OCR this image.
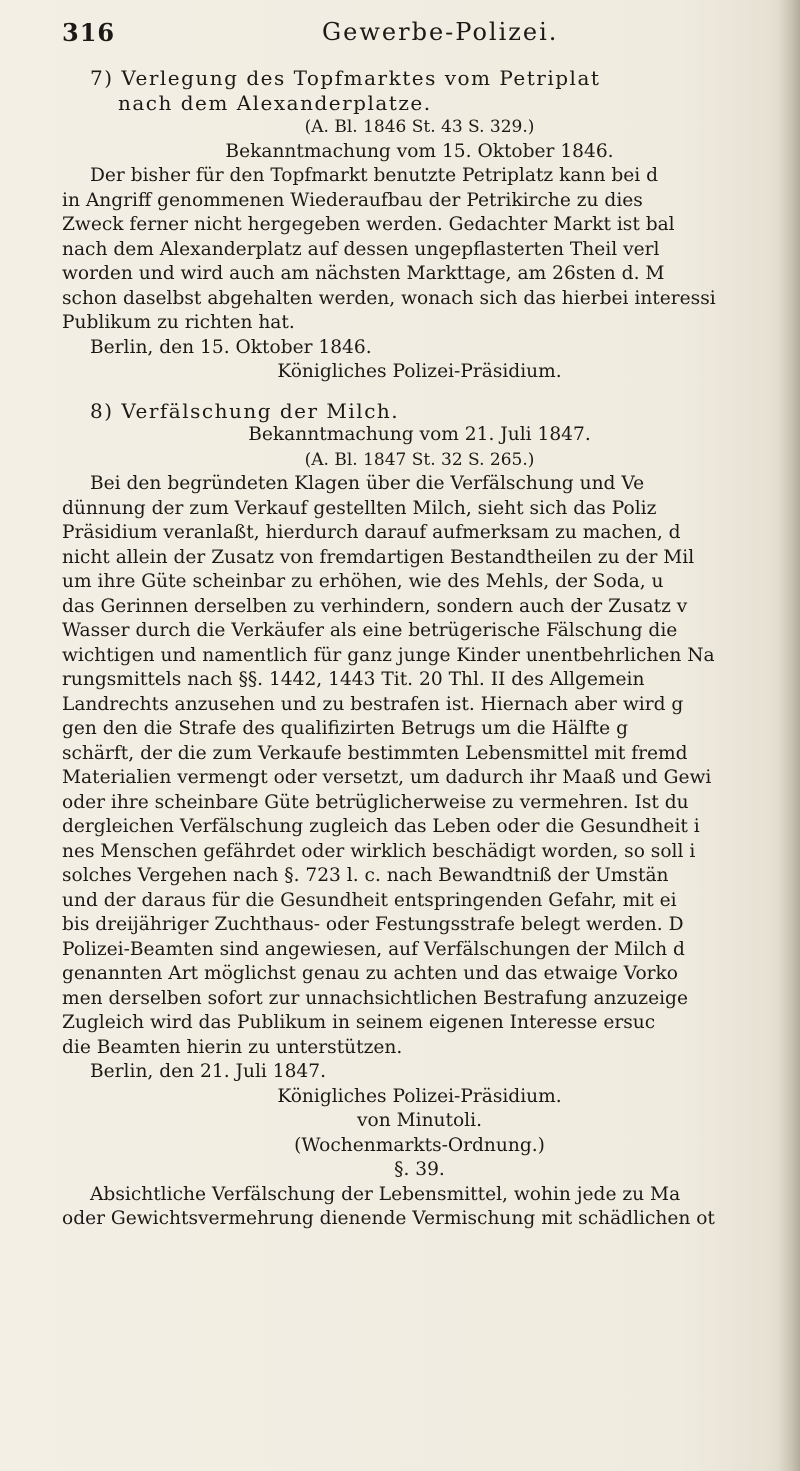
316	Gewerbe-Polizei.
7) Verlegung des Topfmarktes vom Petriplat
nach dem Alexanderplatze.
(A. Bl. 1846 St. 43 S. 329.)
Bekanntmachung vom 15. Oktober 1846.
Der bisher für den Topfmarkt benutzte Petriplatz kann bei d
in Angriff genommenen Wiederaufbau der Petrikirche zu dies
Zweck ferner nicht hergegeben werden. Gedachter Markt ist bal
nach dem Alexanderplatz auf dessen ungepflasterten Theil verl
worden und wird auch am nächsten Markttage, am 26sten d. M
schon daselbst abgehalten werden, wonach sich das hierbei interessi
Publikum zu richten hat.
Berlin, den 15. Oktober 1846.
Königliches Polizei-Präsidium.
8) Verfälschung der Milch.
Bekanntmachung vom 21. Juli 1847.
(A. Bl. 1847 St. 32 S. 265.)
Bei den begründeten Klagen über die Verfälschung und Ve
dünnung der zum Verkauf gestellten Milch, sieht sich das Poliz
Präsidium veranlaßt, hierdurch darauf aufmerksam zu machen, d
nicht allein der Zusatz von fremdartigen Bestandtheilen zu der Mil
um ihre Güte scheinbar zu erhöhen, wie des Mehls, der Soda, u
das Gerinnen derselben zu verhindern, sondern auch der Zusatz v
Wasser durch die Verkäufer als eine betrügerische Fälschung die
wichtigen und namentlich für ganz junge Kinder unentbehrlichen Na
rungsmittels nach §§. 1442, 1443 Tit. 20 Thl. II des Allgemein
Landrechts anzusehen und zu bestrafen ist. Hiernach aber wird g
gen den die Strafe des qualifizirten Betrugs um die Hälfte g
schärft, der die zum Verkaufe bestimmten Lebensmittel mit fremd
Materialien vermengt oder versetzt, um dadurch ihr Maaß und Gewi
oder ihre scheinbare Güte betrüglicherweise zu vermehren. Ist du
dergleichen Verfälschung zugleich das Leben oder die Gesundheit i
nes Menschen gefährdet oder wirklich beschädigt worden, so soll i
solches Vergehen nach §. 723 l. c. nach Bewandtniß der Umstän
und der daraus für die Gesundheit entspringenden Gefahr, mit ei
bis dreijähriger Zuchthaus- oder Festungsstrafe belegt werden. D
Polizei-Beamten sind angewiesen, auf Verfälschungen der Milch d
genannten Art möglichst genau zu achten und das etwaige Vorko
men derselben sofort zur unnachsichtlichen Bestrafung anzuzeige
Zugleich wird das Publikum in seinem eigenen Interesse ersuc
die Beamten hierin zu unterstützen.
Berlin, den 21. Juli 1847.
Königliches Polizei-Präsidium.
von Minutoli.
(Wochenmarkts-Ordnung.)
§. 39.
Absichtliche Verfälschung der Lebensmittel, wohin jede zu Ma
oder Gewichtsvermehrung dienende Vermischung mit schädlichen ot
